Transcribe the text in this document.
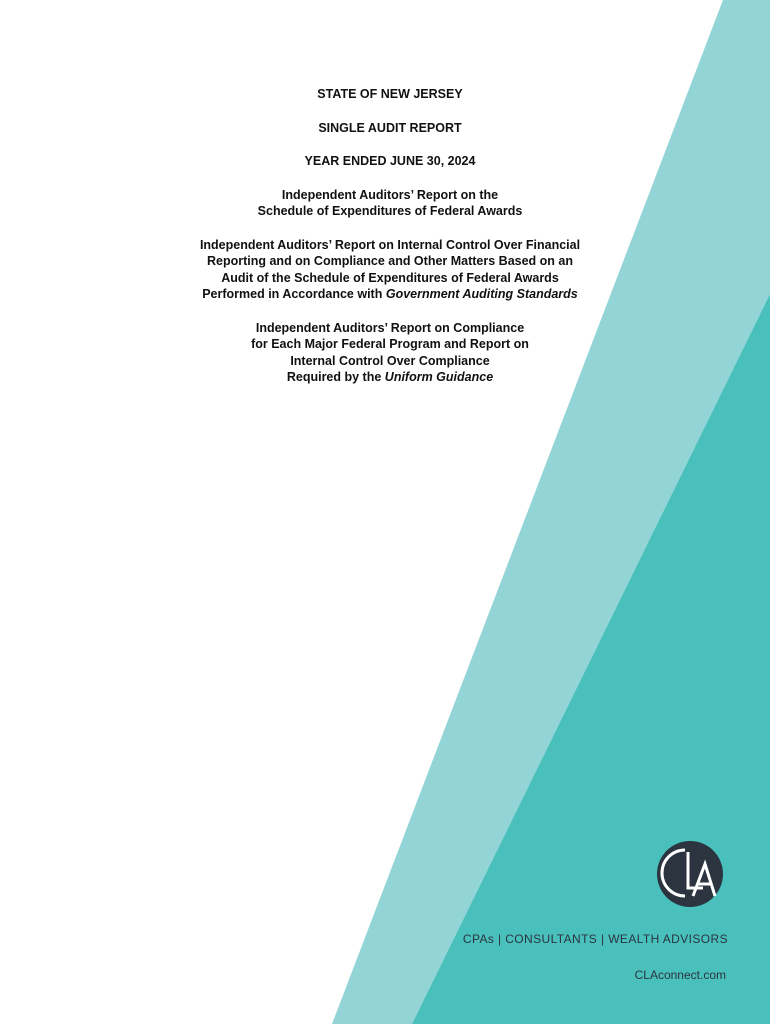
STATE OF NEW JERSEY
SINGLE AUDIT REPORT
YEAR ENDED JUNE 30, 2024
Independent Auditors’ Report on the
Schedule of Expenditures of Federal Awards
Independent Auditors’ Report on Internal Control Over Financial
Reporting and on Compliance and Other Matters Based on an
Audit of the Schedule of Expenditures of Federal Awards
Performed in Accordance with Government Auditing Standards
Independent Auditors’ Report on Compliance
for Each Major Federal Program and Report on
Internal Control Over Compliance
Required by the Uniform Guidance
CPAs | CONSULTANTS | WEALTH ADVISORS
CLAconnect.com
